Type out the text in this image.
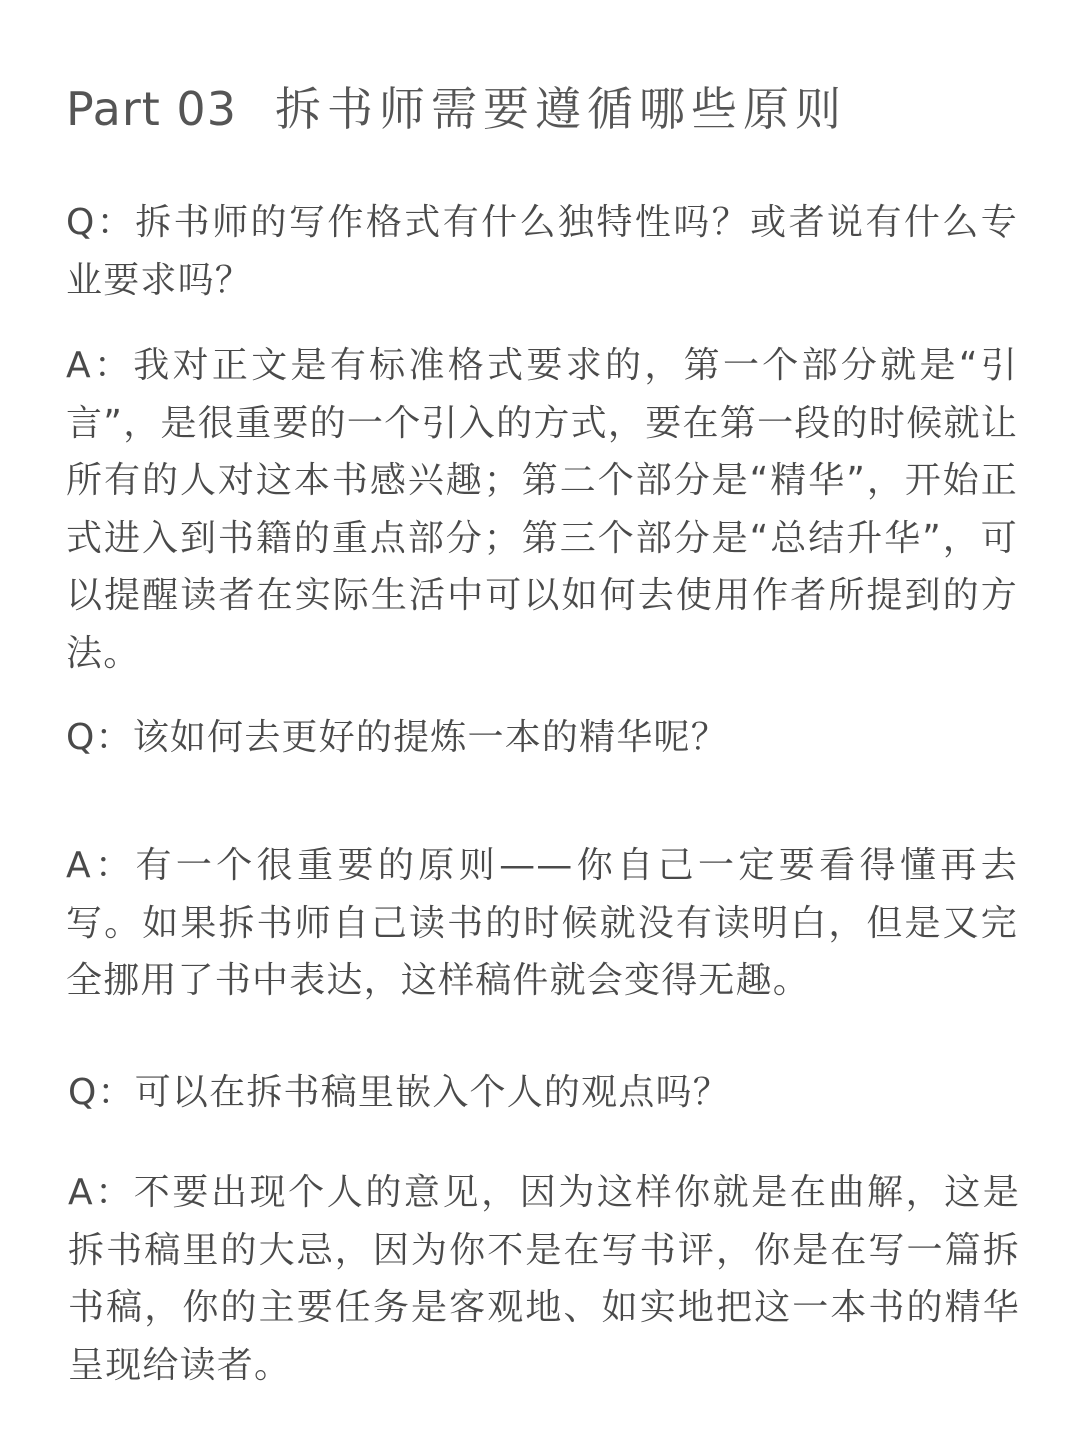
Part 03 拆书师需要遵循哪些原则

Q：拆书师的写作格式有什么独特性吗？或者说有什么专业要求吗？

A：我对正文是有标准格式要求的，第一个部分就是“引言”，是很重要的一个引入的方式，要在第一段的时候就让所有的人对这本书感兴趣；第二个部分是“精华”，开始正式进入到书籍的重点部分；第三个部分是“总结升华”，可以提醒读者在实际生活中可以如何去使用作者所提到的方法。

Q：该如何去更好的提炼一本的精华呢？

A：有一个很重要的原则——你自己一定要看得懂再去写。如果拆书师自己读书的时候就没有读明白，但是又完全挪用了书中表达，这样稿件就会变得无趣。

Q：可以在拆书稿里嵌入个人的观点吗？

A：不要出现个人的意见，因为这样你就是在曲解，这是拆书稿里的大忌，因为你不是在写书评，你是在写一篇拆书稿，你的主要任务是客观地、如实地把这一本书的精华呈现给读者。
